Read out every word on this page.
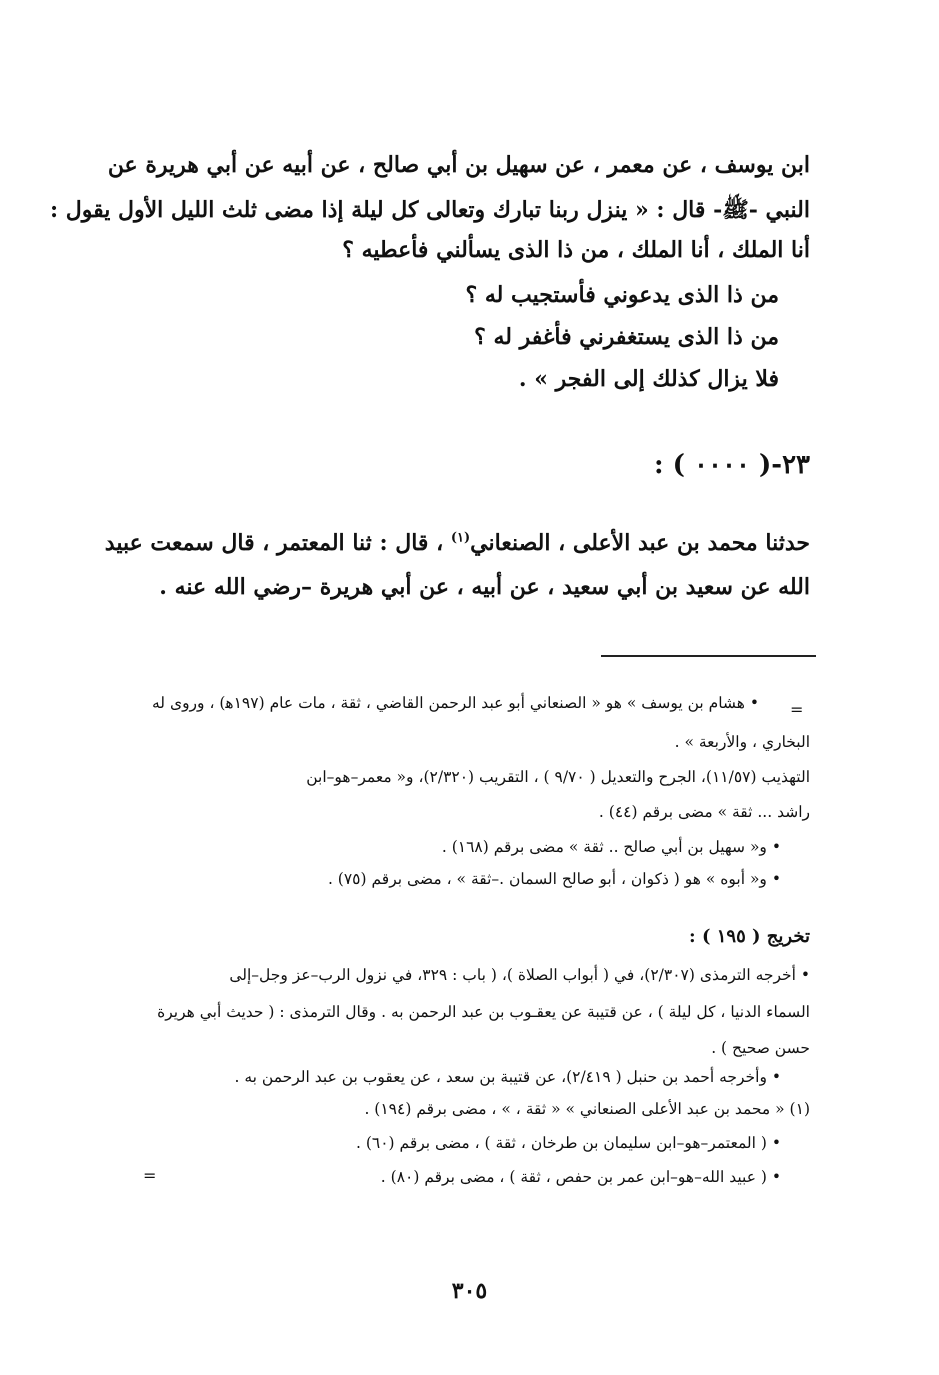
ابن يوسف ، عن معمر ، عن سهيل بن أبي صالح ، عن أبيه عن أبي هريرة عن
النبي -ﷺ- قال : « ينزل ربنا تبارك وتعالى كل ليلة إذا مضى ثلث الليل الأول يقول :
أنا الملك ، أنا الملك ، من ذا الذى يسألني فأعطيه ؟
من ذا الذى يدعوني فأستجيب له ؟
من ذا الذى يستغفرني فأغفر له ؟
فلا يزال كذلك إلى الفجر » .
٢٣-( ٠٠٠٠ ) :
حدثنا محمد بن عبد الأعلى ، الصنعاني$^{(١)}$ ، قال : ثنا المعتمر ، قال سمعت عبيد
الله عن سعيد بن أبي سعيد ، عن أبيه ، عن أبي هريرة –رضي الله عنه .
=
• هشام بن يوسف » هو « الصنعاني أبو عبد الرحمن القاضي ، ثقة ، مات عام (١٩٧ﻫ) ، وروى له
البخاري ، والأربعة » .
التهذيب (١١/٥٧)، الجرح والتعديل ( ٩/٧٠ ) ، التقريب (٢/٣٢٠)، و« معمر–هو–ابن
راشد ... ثقة » مضى برقم (٤٤) .
• و« سهيل بن أبي صالح .. ثقة » مضى برقم (١٦٨) .
• و« أبوه » هو ( ذكوان ، أبو صالح السمان .–ثقة » ، مضى برقم (٧٥) .
تخريج ( ١٩٥ ) :
• أخرجه الترمذى (٢/٣٠٧)، في ( أبواب الصلاة )، ( باب : ٣٢٩، في نزول الرب–عز وجل–إلى
السماء الدنيا ، كل ليلة ) ، عن قتيبة عن يعقـوب بن عبد الرحمن به . وقال الترمذى : ( حديث أبي هريرة
حسن صحيح ) .
• وأخرجه أحمد بن حنبل ( ٢/٤١٩)، عن قتيبة بن سعد ، عن يعقوب بن عبد الرحمن به .
(١) « محمد بن عبد الأعلى الصنعاني » « ثقة ، » ، مضى برقم (١٩٤) .
• ( المعتمر–هو–ابن سليمان بن طرخان ، ثقة ) ، مضى برقم (٦٠) .
=	• ( عبيد الله–هو–ابن عمر بن حفص ، ثقة ) ، مضى برقم (٨٠) .
٣٠٥
